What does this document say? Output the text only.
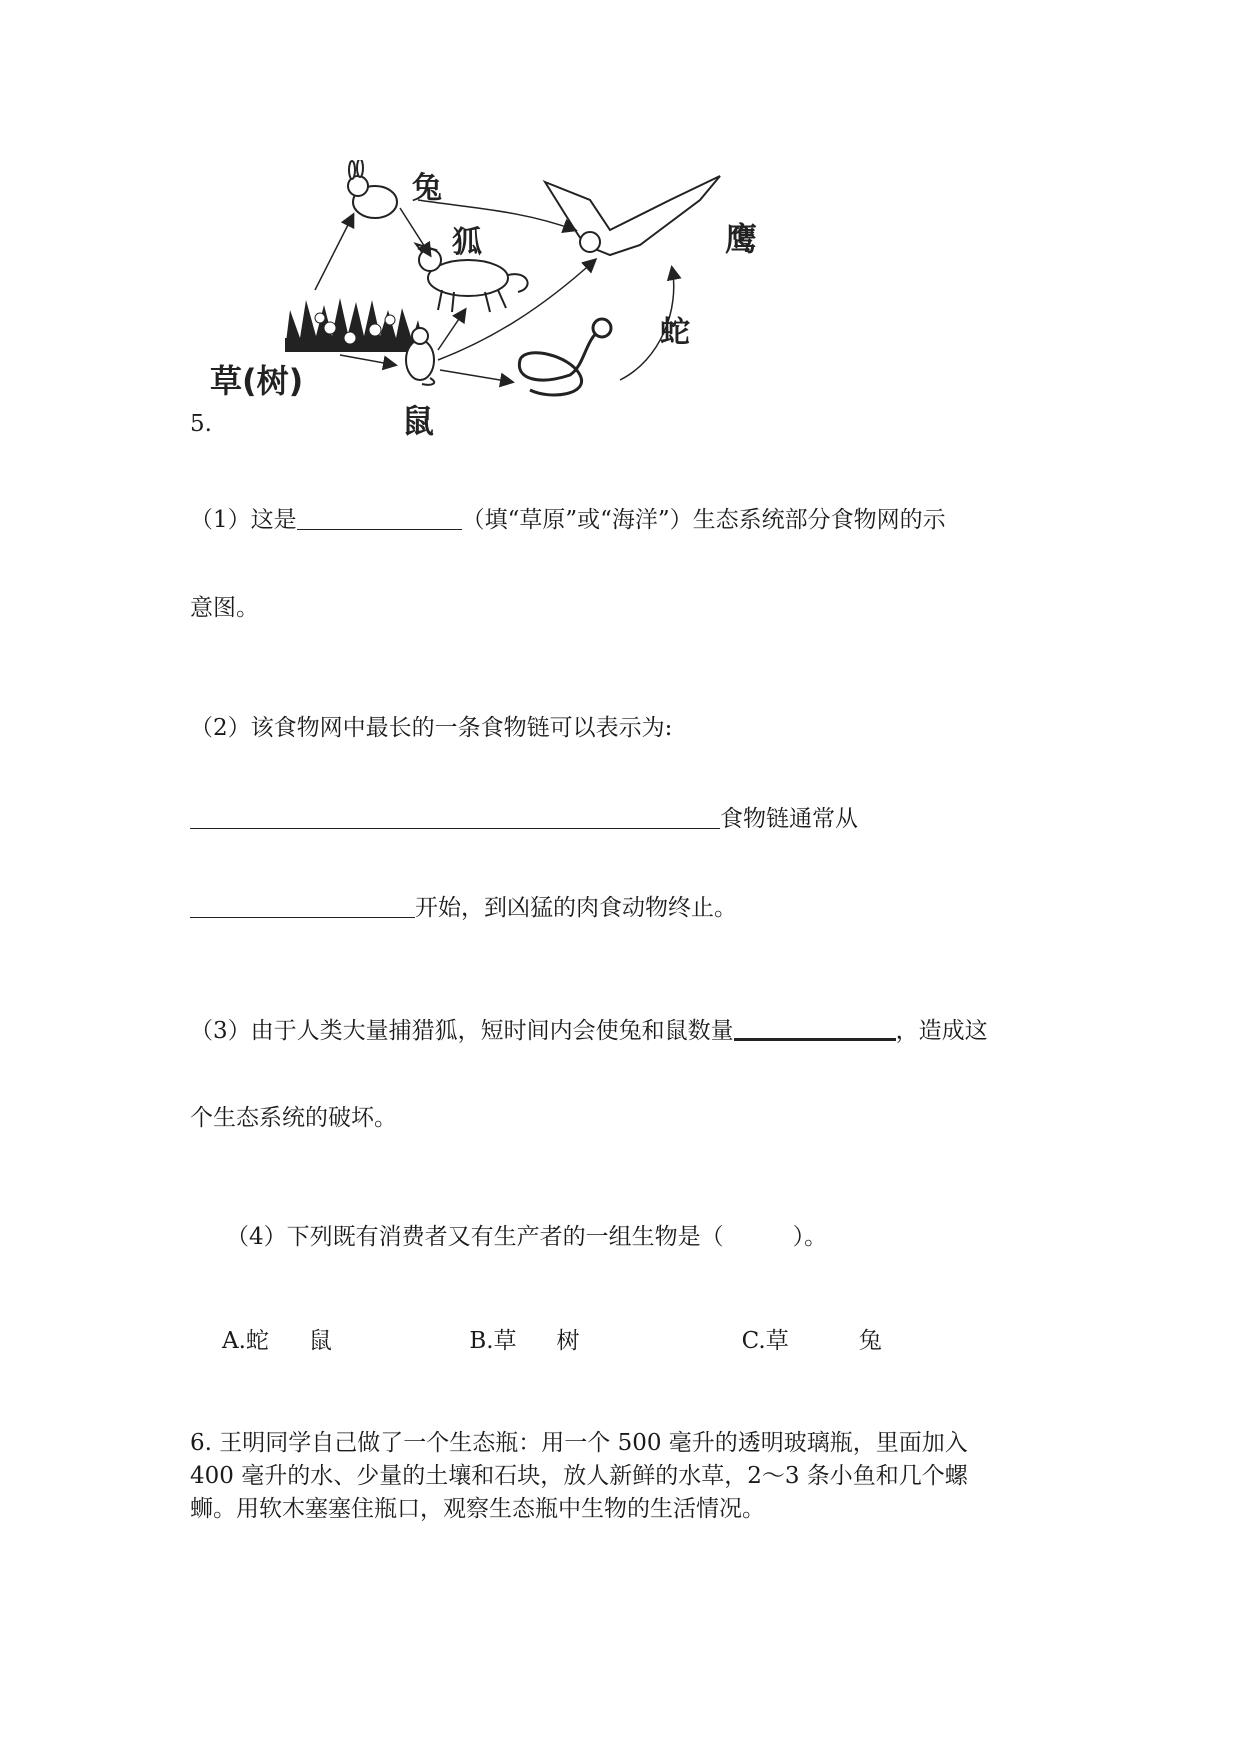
兔
狐	鹰
蛇
鼠
草(树)
5.
（1）这是	（填“草原”或“海洋”）生态系统部分食物网的示
意图。
（2）该食物网中最长的一条食物链可以表示为:
食物链通常从
开始，到凶猛的肉食动物终止。
（3）由于人类大量捕猎狐，短时间内会使兔和鼠数量	，造成这
个生态系统的破坏。
（4）下列既有消费者又有生产者的一组生物是（　　　）。
A.蛇 鼠	B.草 树	C.草	兔
6. 王明同学自己做了一个生态瓶：用一个 500 毫升的透明玻璃瓶，里面加入
400 毫升的水、少量的土壤和石块，放人新鲜的水草，2～3 条小鱼和几个螺
蛳。用软木塞塞住瓶口，观察生态瓶中生物的生活情况。
